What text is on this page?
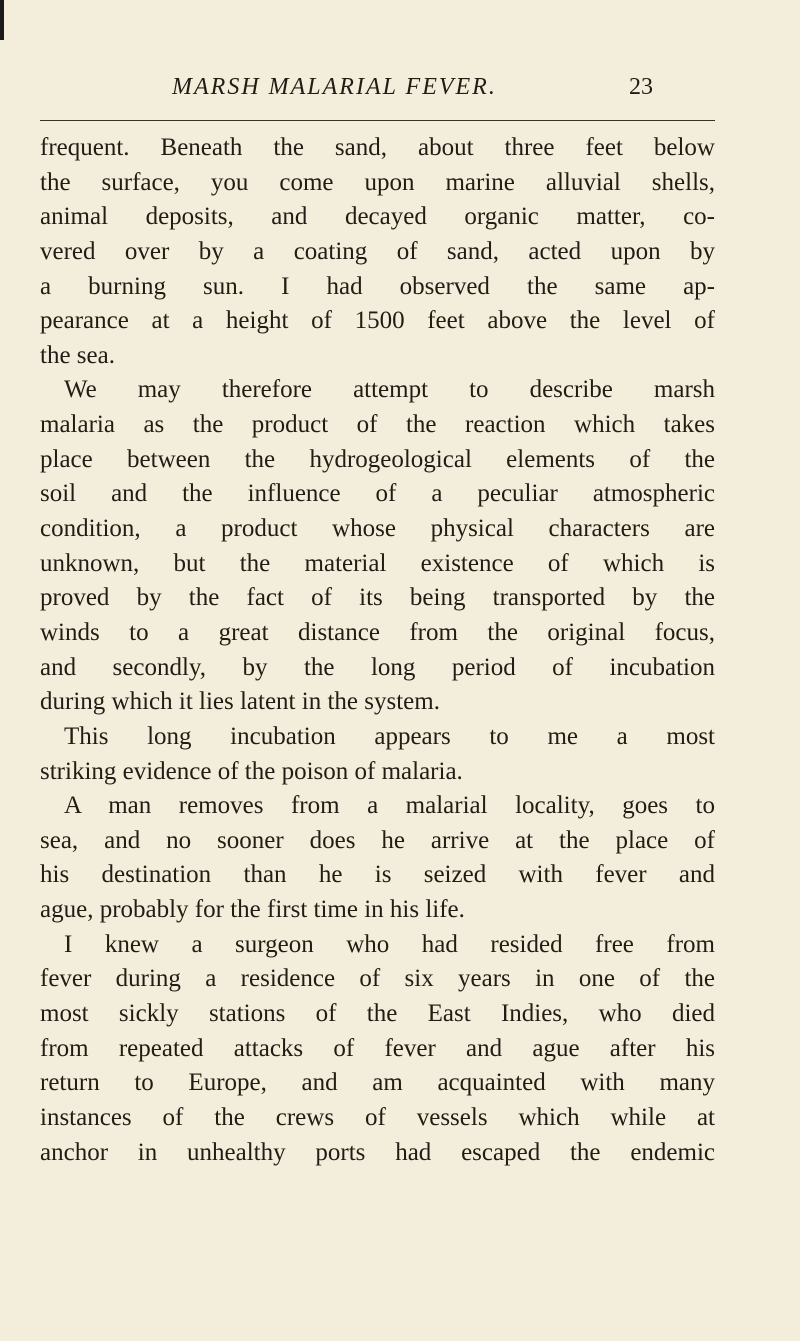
MARSH MALARIAL FEVER.	23
frequent. Beneath the sand, about three feet below
the surface, you come upon marine alluvial shells,
animal deposits, and decayed organic matter, co-
vered over by a coating of sand, acted upon by
a burning sun. I had observed the same ap-
pearance at a height of 1500 feet above the level of
the sea.
We may therefore attempt to describe marsh
malaria as the product of the reaction which takes
place between the hydrogeological elements of the
soil and the influence of a peculiar atmospheric
condition, a product whose physical characters are
unknown, but the material existence of which is
proved by the fact of its being transported by the
winds to a great distance from the original focus,
and secondly, by the long period of incubation
during which it lies latent in the system.
This long incubation appears to me a most
striking evidence of the poison of malaria.
A man removes from a malarial locality, goes to
sea, and no sooner does he arrive at the place of
his destination than he is seized with fever and
ague, probably for the first time in his life.
I knew a surgeon who had resided free from
fever during a residence of six years in one of the
most sickly stations of the East Indies, who died
from repeated attacks of fever and ague after his
return to Europe, and am acquainted with many
instances of the crews of vessels which while at
anchor in unhealthy ports had escaped the endemic
